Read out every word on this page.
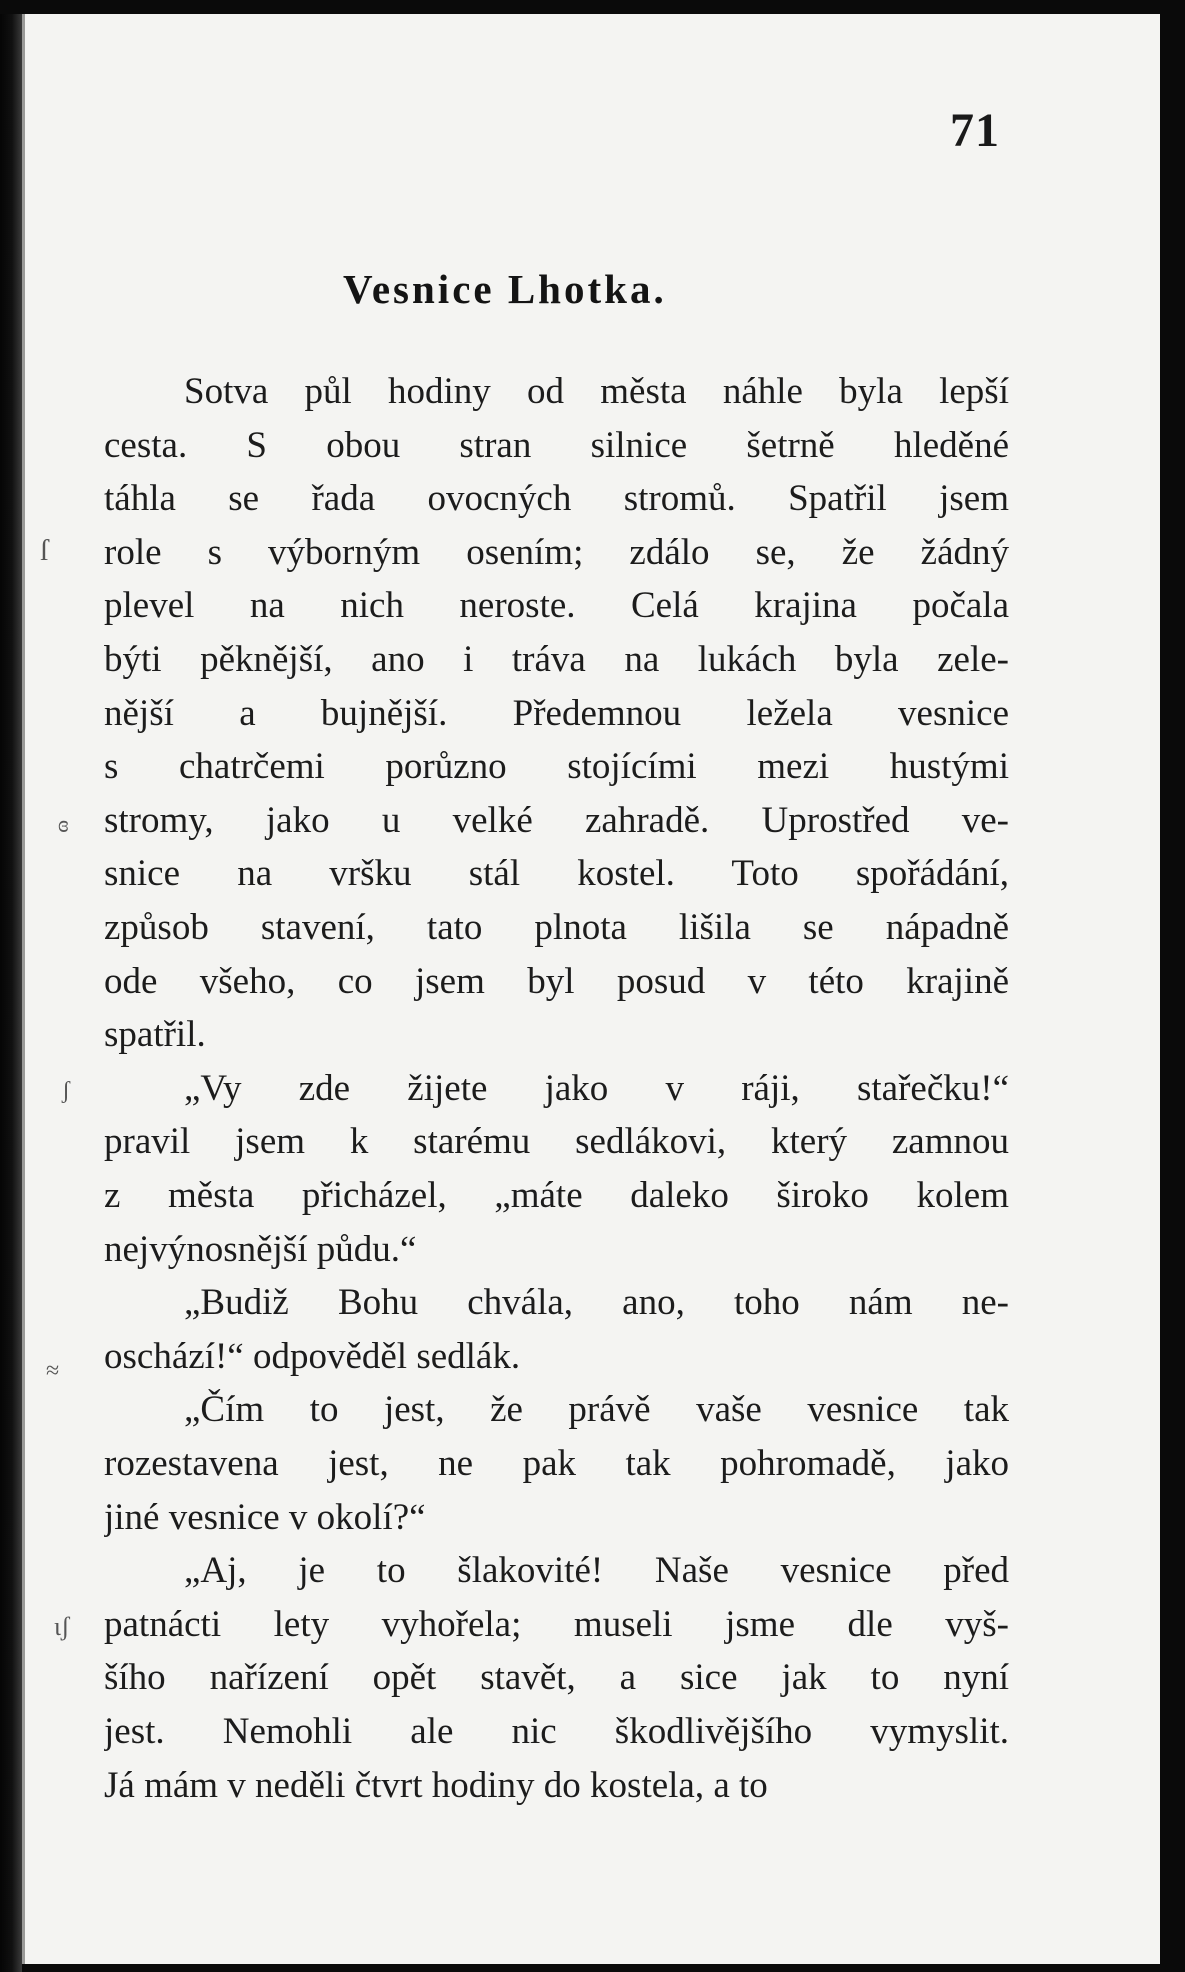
71
Vesnice Lhotka.
Sotva půl hodiny od města náhle byla lepší
cesta. S obou stran silnice šetrně hleděné
táhla se řada ovocných stromů. Spatřil jsem
role s výborným osením; zdálo se, že žádný
plevel na nich neroste. Celá krajina počala
býti pěknější, ano i tráva na lukách byla zele-
nější a bujnější. Předemnou ležela vesnice
s chatrčemi porůzno stojícími mezi hustými
stromy, jako u velké zahradě. Uprostřed ve-
snice na vršku stál kostel. Toto spořádání,
způsob stavení, tato plnota lišila se nápadně
ode všeho, co jsem byl posud v této krajině
spatřil.
„Vy zde žijete jako v ráji, stařečku!“
pravil jsem k starému sedlákovi, který zamnou
z města přicházel, „máte daleko široko kolem
nejvýnosnější půdu.“
„Budiž Bohu chvála, ano, toho nám ne-
oschází!“ odpověděl sedlák.
„Čím to jest, že právě vaše vesnice tak
rozestavena jest, ne pak tak pohromadě, jako
jiné vesnice v okolí?“
„Aj, je to šlakovité! Naše vesnice před
patnácti lety vyhořela; museli jsme dle vyš-
šího nařízení opět stavět, a sice jak to nyní
jest. Nemohli ale nic škodlivějšího vymyslit.
Já mám v neděli čtvrt hodiny do kostela, a to
ſ
ɞ
ʃ
≈
ɩʃ
